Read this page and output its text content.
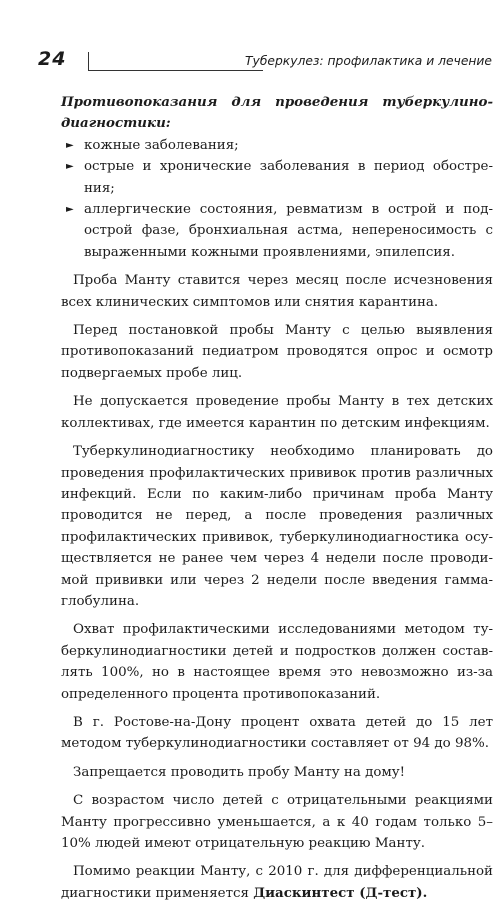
24	Туберкулез: профилактика и лечение

Противопоказания для проведения туберкулинодиагностики:

► кожные заболевания;
► острые и хронические заболевания в период обострения;
► аллергические состояния, ревматизм в острой и подострой фазе, бронхиальная астма, непереносимость с выраженными кожными проявлениями, эпилепсия.

Проба Манту ставится через месяц после исчезновения всех клинических симптомов или снятия карантина.

Перед постановкой пробы Манту с целью выявления противопоказаний педиатром проводятся опрос и осмотр подвергаемых пробе лиц.

Не допускается проведение пробы Манту в тех детских коллективах, где имеется карантин по детским инфекциям.

Туберкулинодиагностику необходимо планировать до проведения профилактических прививок против различных инфекций. Если по каким-либо причинам проба Манту проводится не перед, а после проведения различных профилактических прививок, туберкулинодиагностика осуществляется не ранее чем через 4 недели после проводимой прививки или через 2 недели после введения гаммаглобулина.

Охват профилактическими исследованиями методом туберкулинодиагностики детей и подростков должен составлять 100%, но в настоящее время это невозможно из-за определенного процента противопоказаний.

В г. Ростове-на-Дону процент охвата детей до 15 лет методом туберкулинодиагностики составляет от 94 до 98%.

Запрещается проводить пробу Манту на дому!

С возрастом число детей с отрицательными реакциями Манту прогрессивно уменьшается, а к 40 годам только 5–10% людей имеют отрицательную реакцию Манту.

Помимо реакции Манту, с 2010 г. для дифференциальной диагностики применяется Диаскинтест (Д-тест).
